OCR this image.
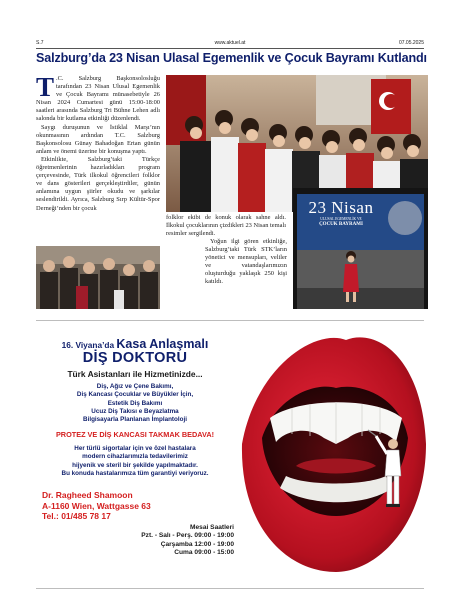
S.7	www.aktuel.at	07.05.2025
Salzburg’da 23 Nisan Ulasal Egemenlik ve Çocuk Bayramı Kutlandı

T .C. Salzburg Başkonsolosluğu tarafından 23 Nisan Ulusal Egemenlik ve Çocuk Bayramı münasebetiyle 26 Nisan 2024 Cumartesi günü 15:00-18:00 saatleri arasında Salzburg Tri Bühne Lehen adlı salonda bir kutlama etkinliği düzenlendi.

Saygı duruşunun ve İstiklal Marşı’nın okunmasının ardından T.C. Salzburg Başkonsolosu Günay Bahadoğan Ertan günün anlam ve önemi üzerine bir konuşma yaptı.

Etkinlikte, Salzburg’taki Türkçe öğretmenlerinin hazırladıkları program çerçevesinde, Türk ilkokul öğrencileri folklor ve dans gösterileri gerçekleştirdiler, günün anlamına uygun şiirler okudu ve şarkılar seslendirildi. Ayrıca, Salzburg Sırp Kültür-Spor Derneği’nden bir çocuk

folklor ekibi de konuk olarak sahne aldı. İlkokul çocuklarının çizdikleri 23 Nisan temalı resimler sergilendi.

Yoğun ilgi gören etkinliğe, Salzburg’taki Türk STK’ların yönetici ve mensupları, veliler ve vatandaşlarımızın oluşturduğu yaklaşık 250 kişi katıldı.

23 Nisan
ULUSAL EGEMENLİK VE
ÇOCUK BAYRAMI
16. Viyana’da Kasa Anlaşmalı
DİŞ DOKTORU
Türk Asistanları ile Hizmetinizde...
Diş, Ağız ve Çene Bakımı,
Diş Kancası Çocuklar ve Büyükler İçin,
Estetik Diş Bakımı
Ucuz Diş Takısı e Beyazlatma
Bilgisayarla Planlanan İmplantoloji
PROTEZ VE DİŞ KANCASI TAKMAK BEDAVA!
Her türlü sigortalar için ve özel hastalara
modern cihazlarımızla tedavilerimiz
hijyenik ve steril bir şekilde yapılmaktadır.
Bu konuda hastalarımıza tüm garantiyi veriyoruz.
Dr. Ragheed Shamoon
A-1160 Wien, Wattgasse 63
Tel.: 01/485 78 17
Mesai Saatleri
Pzt. - Salı - Perş. 09:00 - 19:00
Çarşamba 12:00 - 19:00
Cuma 09:00 - 15:00
